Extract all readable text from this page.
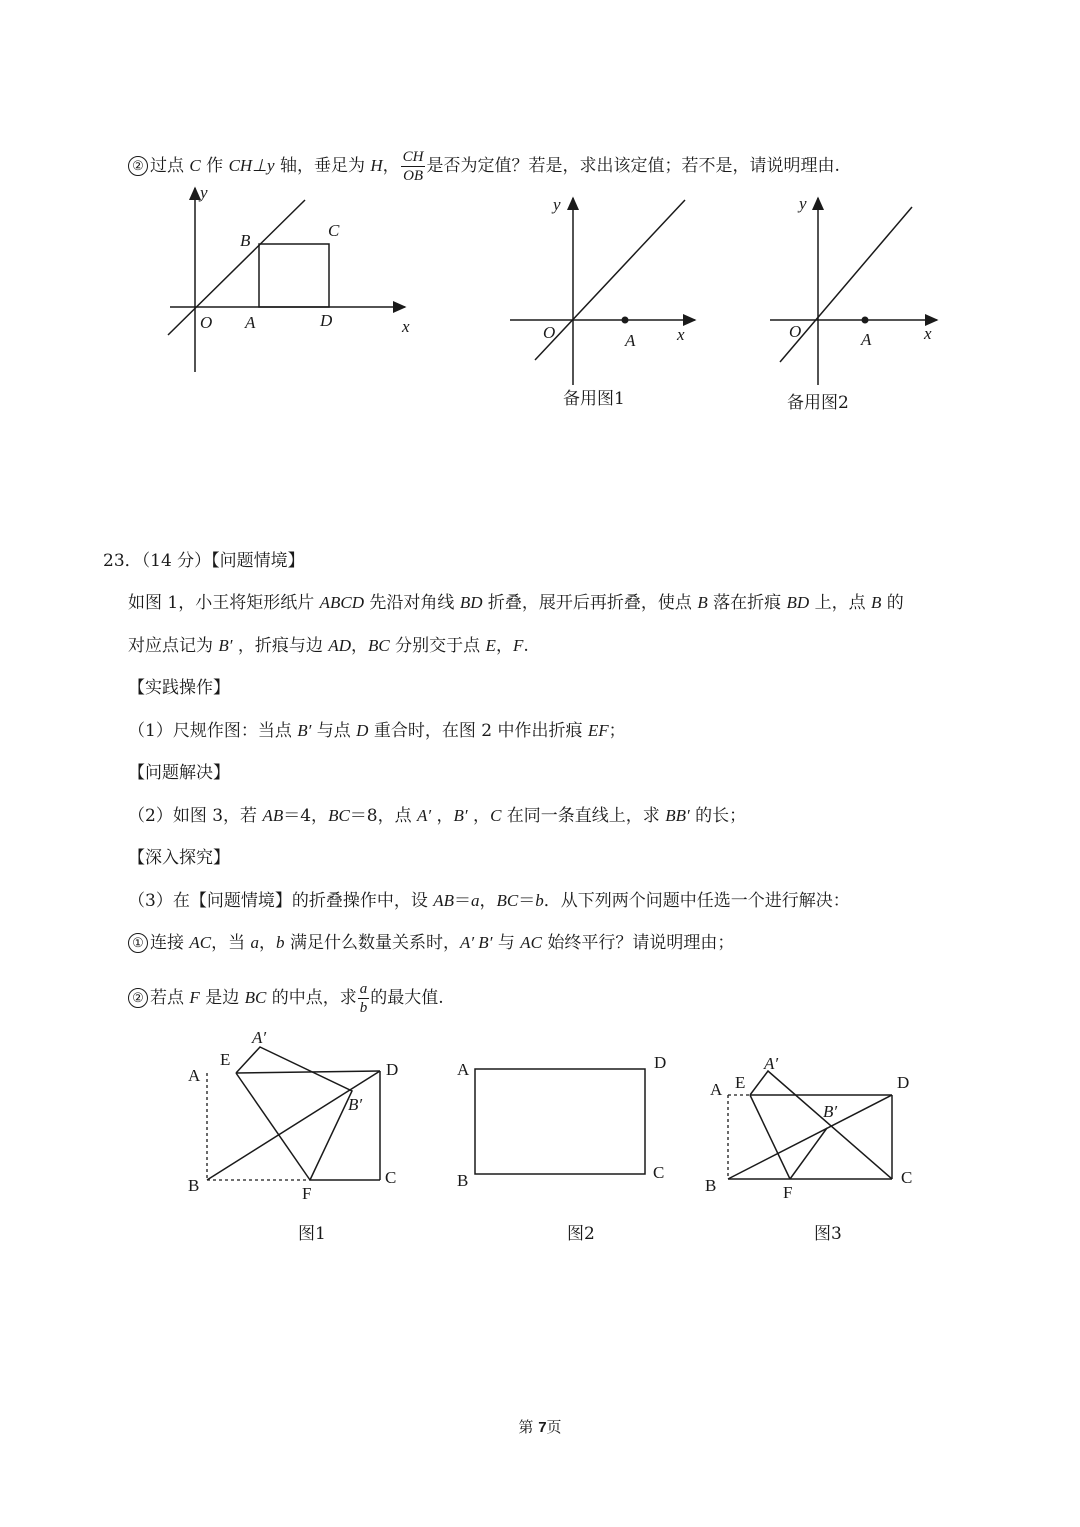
② 过点 C 作 CH⊥y 轴，垂足为 H， $\frac{CH}{OB}$ 是否为定值？若是，求出该定值；若不是，请说明理由.
y
x
O A
B
C
D
y
x
O	A
备用图1
y
x
O	A
备用图2
23．（14 分）【问题情境】
如图 1，小王将矩形纸片 ABCD 先沿对角线 BD 折叠，展开后再折叠，使点 B 落在折痕 BD 上，点 B 的
对应点记为 B′ ，折痕与边 AD，BC 分别交于点 E，F.
【实践操作】
（1）尺规作图：当点 B′ 与点 D 重合时，在图 2 中作出折痕 EF；
【问题解决】
（2）如图 3，若 AB＝4，BC＝8，点 A′ ，B′ ，C 在同一条直线上，求 BB′ 的长；
【深入探究】
（3）在【问题情境】的折叠操作中，设 AB＝a，BC＝b．从下列两个问题中任选一个进行解决：
① 连接 AC，当 a，b 满足什么数量关系时，A′ B′ 与 AC 始终平行？请说明理由；
② 若点 F 是边 BC 的中点，求 $\frac{a}{b}$ 的最大值.
A
B	C
D
E
F
A′
B′
图1
A
B	C
D
图2
A
B	C
D
E
F
A′
B′
图3
第 7页
